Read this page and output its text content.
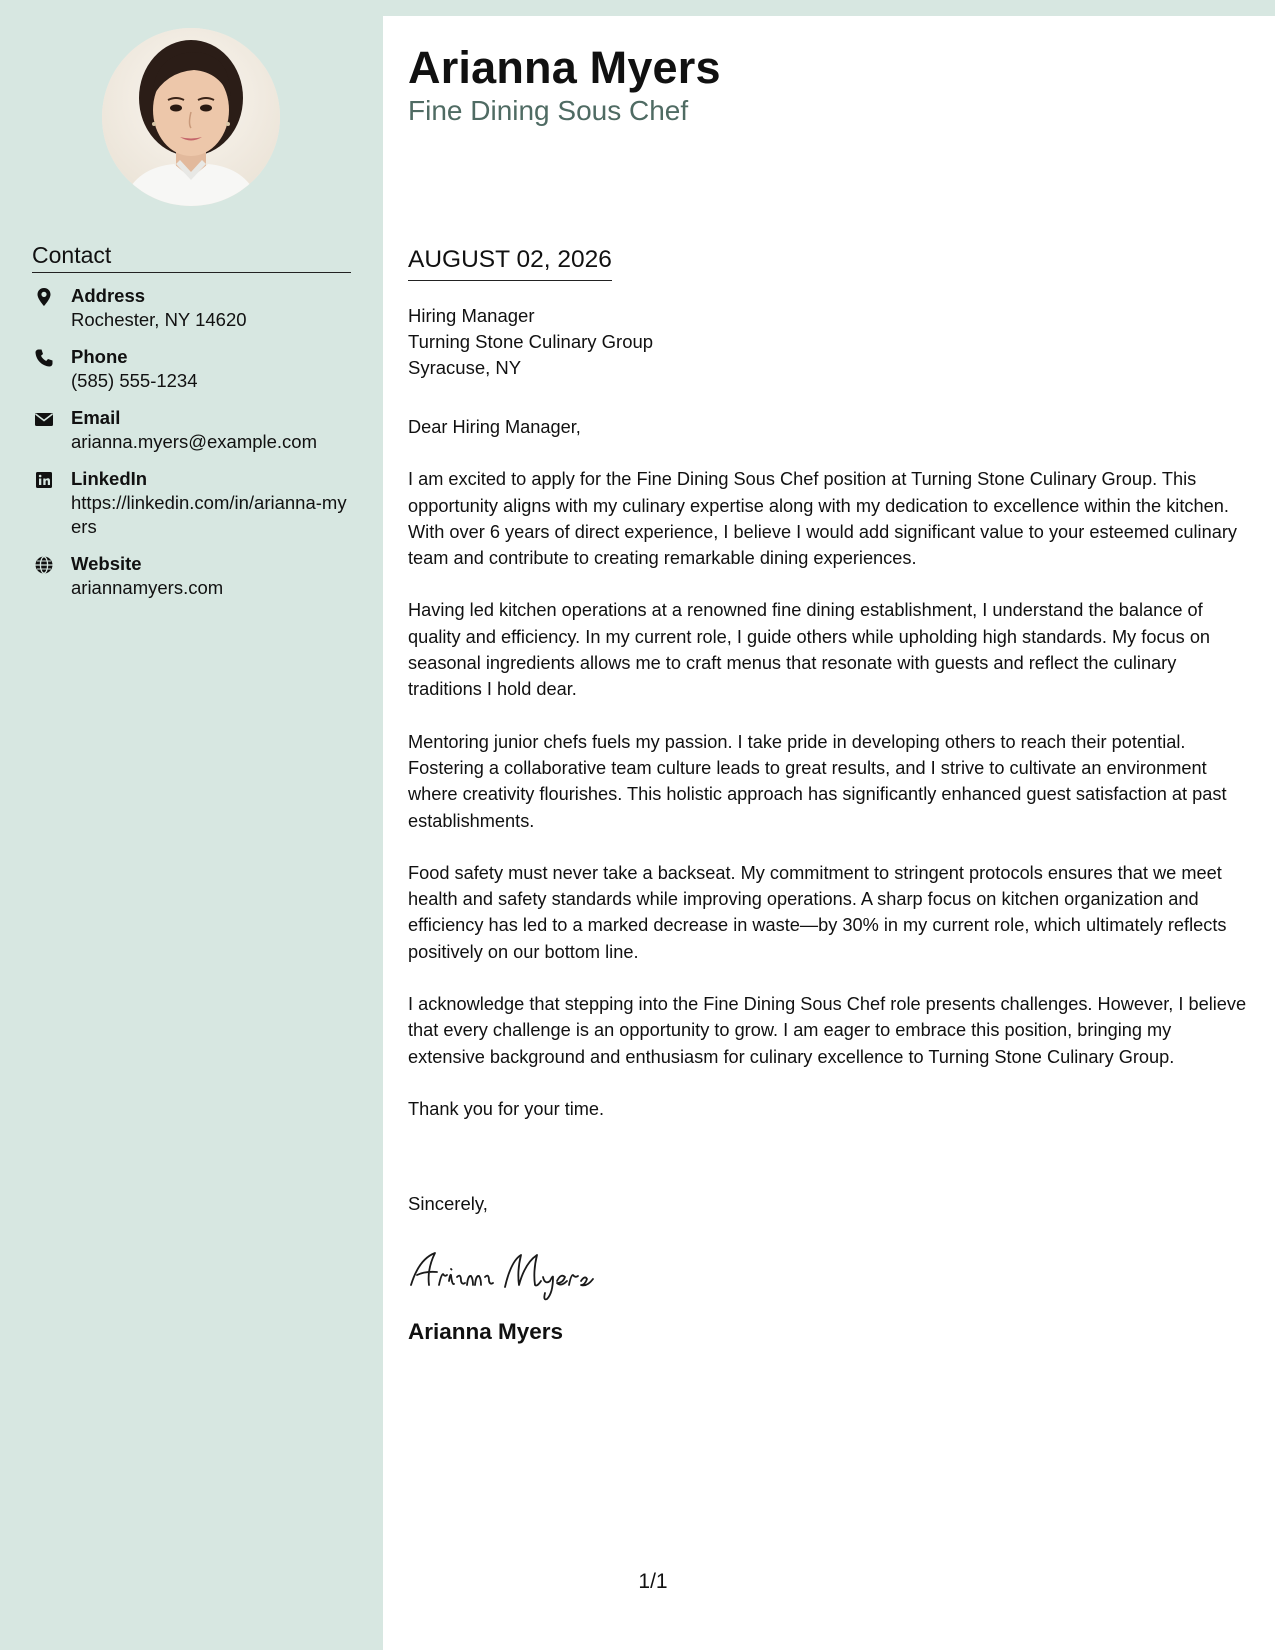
Contact
Address
Rochester, NY 14620
Phone
(585) 555-1234
Email
arianna.myers@example.com
LinkedIn
https://linkedin.com/in/arianna-myers
Website
ariannamyers.com
Arianna Myers
Fine Dining Sous Chef
AUGUST 02, 2026
Hiring Manager
Turning Stone Culinary Group
Syracuse, NY

Dear Hiring Manager,

I am excited to apply for the Fine Dining Sous Chef position at Turning Stone Culinary Group. This opportunity aligns with my culinary expertise along with my dedication to excellence within the kitchen. With over 6 years of direct experience, I believe I would add significant value to your esteemed culinary team and contribute to creating remarkable dining experiences.

Having led kitchen operations at a renowned fine dining establishment, I understand the balance of quality and efficiency. In my current role, I guide others while upholding high standards. My focus on seasonal ingredients allows me to craft menus that resonate with guests and reflect the culinary traditions I hold dear.

Mentoring junior chefs fuels my passion. I take pride in developing others to reach their potential. Fostering a collaborative team culture leads to great results, and I strive to cultivate an environment where creativity flourishes. This holistic approach has significantly enhanced guest satisfaction at past establishments.

Food safety must never take a backseat. My commitment to stringent protocols ensures that we meet health and safety standards while improving operations. A sharp focus on kitchen organization and efficiency has led to a marked decrease in waste—by 30% in my current role, which ultimately reflects positively on our bottom line.

I acknowledge that stepping into the Fine Dining Sous Chef role presents challenges. However, I believe that every challenge is an opportunity to grow. I am eager to embrace this position, bringing my extensive background and enthusiasm for culinary excellence to Turning Stone Culinary Group.

Thank you for your time.

Sincerely,
Arianna Myers
1/1
